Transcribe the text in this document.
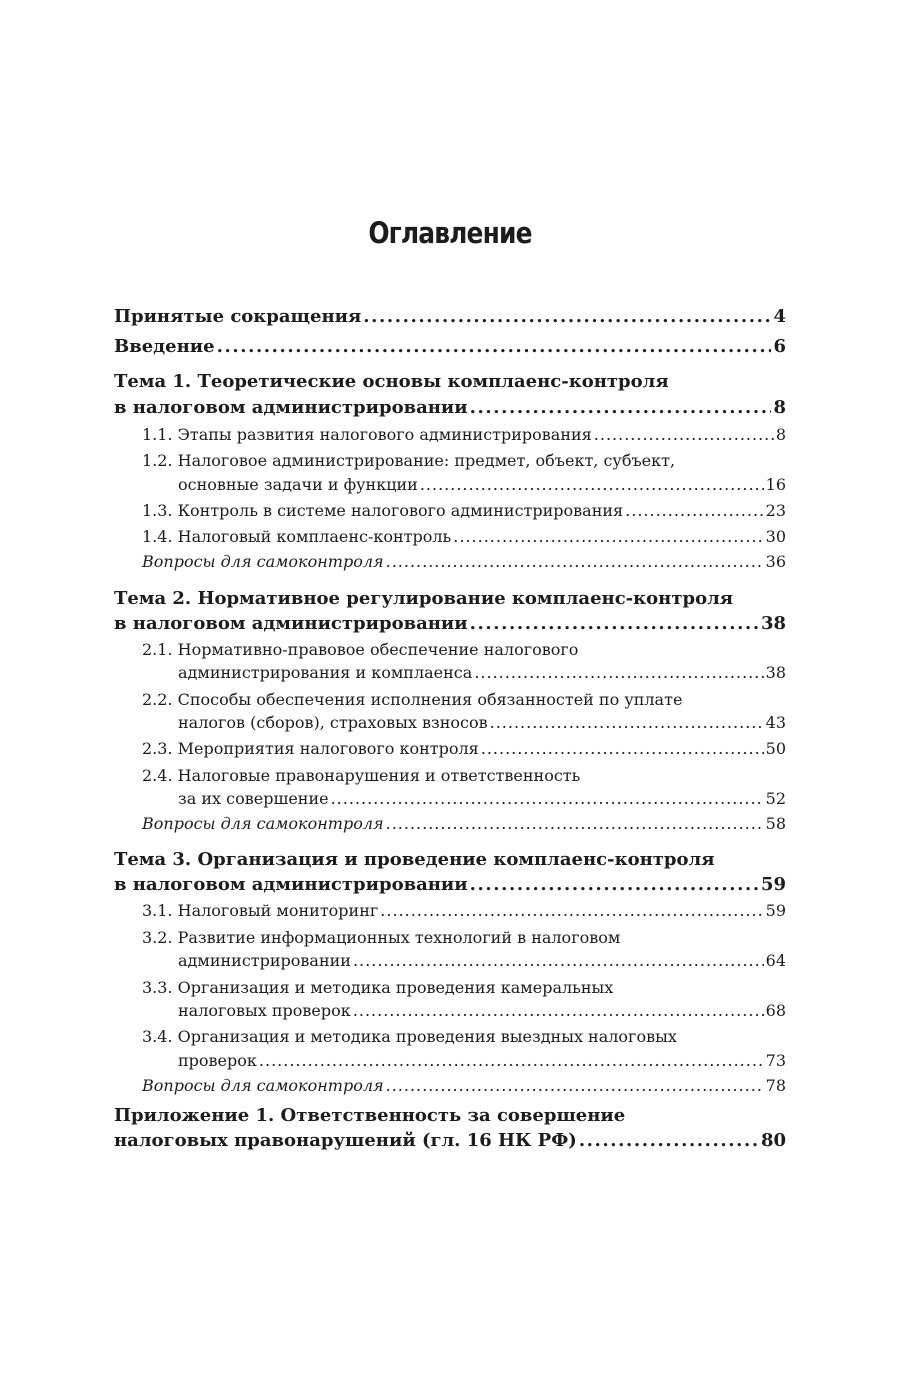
Оглавление
Принятые сокращения .....	4
Введение .....	6
Тема 1. Теоретические основы комплаенс-контроля
в налоговом администрировании .....	8
1.1. Этапы развития налогового администрирования .....	8
1.2. Налоговое администрирование: предмет, объект, субъект,
основные задачи и функции .....	16
1.3. Контроль в системе налогового администрирования .....	23
1.4. Налоговый комплаенс-контроль .....	30
Вопросы для самоконтроля .....	36
Тема 2. Нормативное регулирование комплаенс-контроля
в налоговом администрировании .....	38
2.1. Нормативно-правовое обеспечение налогового
администрирования и комплаенса .....	38
2.2. Способы обеспечения исполнения обязанностей по уплате
налогов (сборов), страховых взносов .....	43
2.3. Мероприятия налогового контроля .....	50
2.4. Налоговые правонарушения и ответственность
за их совершение .....	52
Вопросы для самоконтроля .....	58
Тема 3. Организация и проведение комплаенс-контроля
в налоговом администрировании .....	59
3.1. Налоговый мониторинг .....	59
3.2. Развитие информационных технологий в налоговом
администрировании .....	64
3.3. Организация и методика проведения камеральных
налоговых проверок .....	68
3.4. Организация и методика проведения выездных налоговых
проверок .....	73
Вопросы для самоконтроля .....	78
Приложение 1. Ответственность за совершение
налоговых правонарушений (гл. 16 НК РФ) .....	80
